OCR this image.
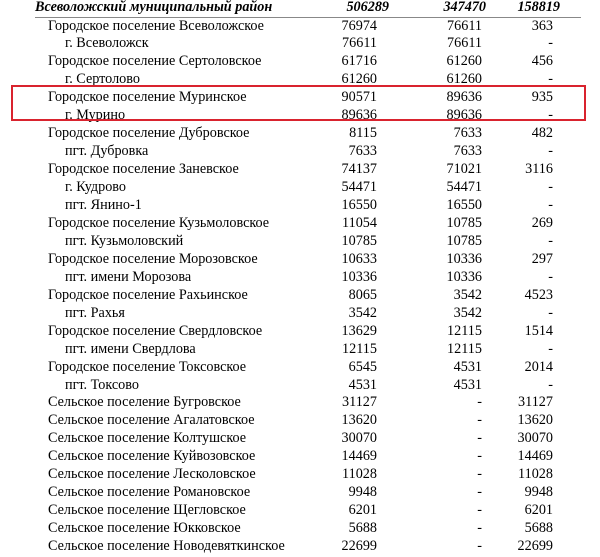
Всеволожский муниципальный район	506289	347470 158819
Городское поселение Всеволожское	76974	76611	363
г. Всеволожск	76611	76611	-
Городское поселение Сертоловское	61716	61260	456
г. Сертолово	61260	61260	-
Городское поселение Муринское	90571	89636	935
г. Мурино	89636	89636	-
Городское поселение Дубровское	8115	7633	482
пгт. Дубровка	7633	7633	-
Городское поселение Заневское	74137	71021	3116
г. Кудрово	54471	54471	-
пгт. Янино-1	16550	16550	-
Городское поселение Кузьмоловское	11054	10785	269
пгт. Кузьмоловский	10785	10785	-
Городское поселение Морозовское	10633	10336	297
пгт. имени Морозова	10336	10336	-
Городское поселение Рахьинское	8065	3542	4523
пгт. Рахья	3542	3542	-
Городское поселение Свердловское	13629	12115	1514
пгт. имени Свердлова	12115	12115	-
Городское поселение Токсовское	6545	4531	2014
пгт. Токсово	4531	4531	-
Сельское поселение Бугровское	31127	-	31127
Сельское поселение Агалатовское	13620	-	13620
Сельское поселение Колтушское	30070	-	30070
Сельское поселение Куйвозовское	14469	-	14469
Сельское поселение Лесколовское	11028	-	11028
Сельское поселение Романовское	9948	-	9948
Сельское поселение Щегловское	6201	-	6201
Сельское поселение Юкковское	5688	-	5688
Сельское поселение Новодевяткинское	22699	-	22699
